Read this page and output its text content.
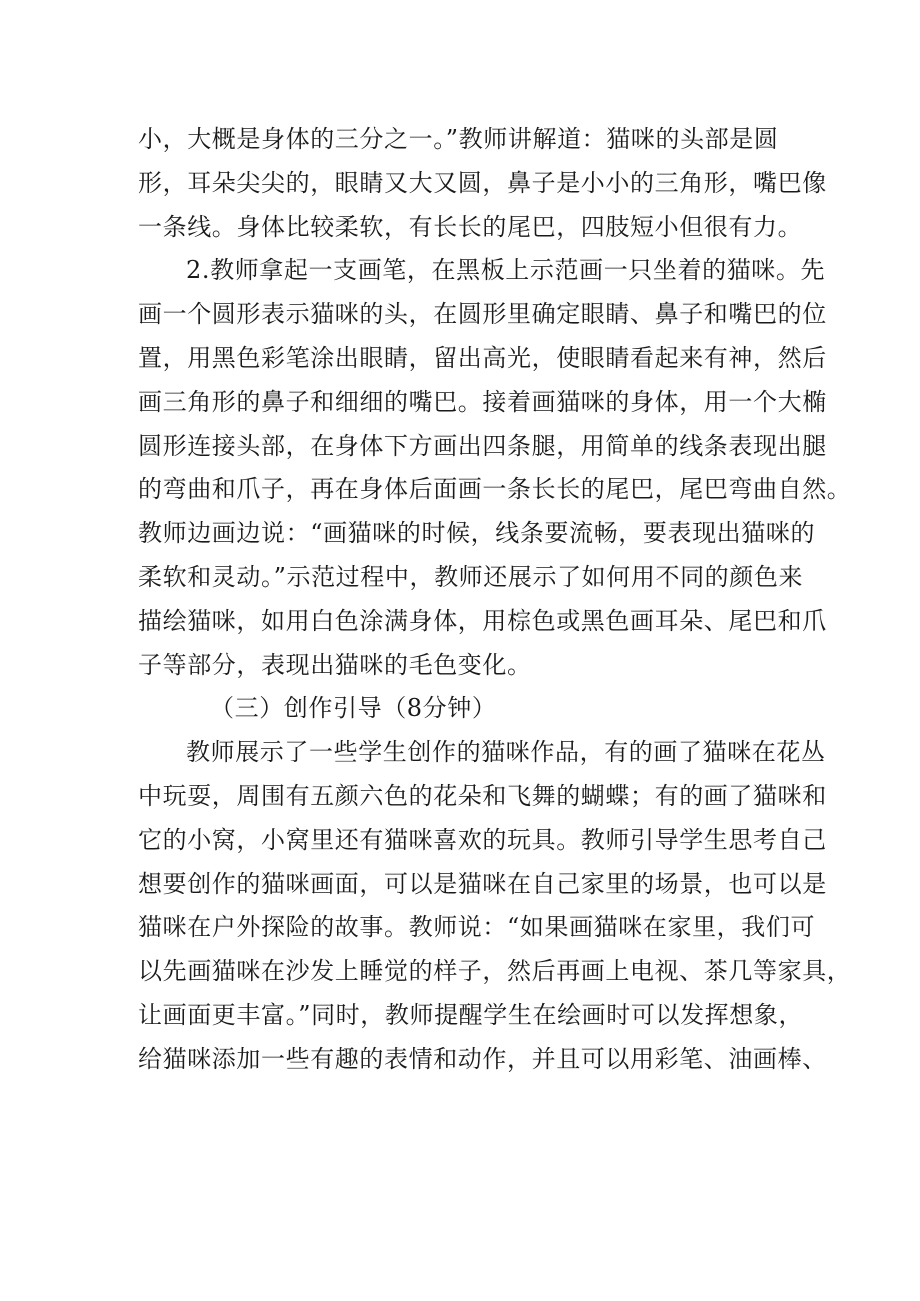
小，大概是身体的三分之一。”教师讲解道：猫咪的头部是圆
形，耳朵尖尖的，眼睛又大又圆，鼻子是小小的三角形，嘴巴像
一条线。身体比较柔软，有长长的尾巴，四肢短小但很有力。
2.教师拿起一支画笔，在黑板上示范画一只坐着的猫咪。先
画一个圆形表示猫咪的头，在圆形里确定眼睛、鼻子和嘴巴的位
置，用黑色彩笔涂出眼睛，留出高光，使眼睛看起来有神，然后
画三角形的鼻子和细细的嘴巴。接着画猫咪的身体，用一个大椭
圆形连接头部，在身体下方画出四条腿，用简单的线条表现出腿
的弯曲和爪子，再在身体后面画一条长长的尾巴，尾巴弯曲自然。
教师边画边说：“画猫咪的时候，线条要流畅，要表现出猫咪的
柔软和灵动。”示范过程中，教师还展示了如何用不同的颜色来
描绘猫咪，如用白色涂满身体，用棕色或黑色画耳朵、尾巴和爪
子等部分，表现出猫咪的毛色变化。
（三）创作引导（8分钟）
教师展示了一些学生创作的猫咪作品，有的画了猫咪在花丛
中玩耍，周围有五颜六色的花朵和飞舞的蝴蝶；有的画了猫咪和
它的小窝，小窝里还有猫咪喜欢的玩具。教师引导学生思考自己
想要创作的猫咪画面，可以是猫咪在自己家里的场景，也可以是
猫咪在户外探险的故事。教师说：“如果画猫咪在家里，我们可
以先画猫咪在沙发上睡觉的样子，然后再画上电视、茶几等家具，
让画面更丰富。”同时，教师提醒学生在绘画时可以发挥想象，
给猫咪添加一些有趣的表情和动作，并且可以用彩笔、油画棒、
